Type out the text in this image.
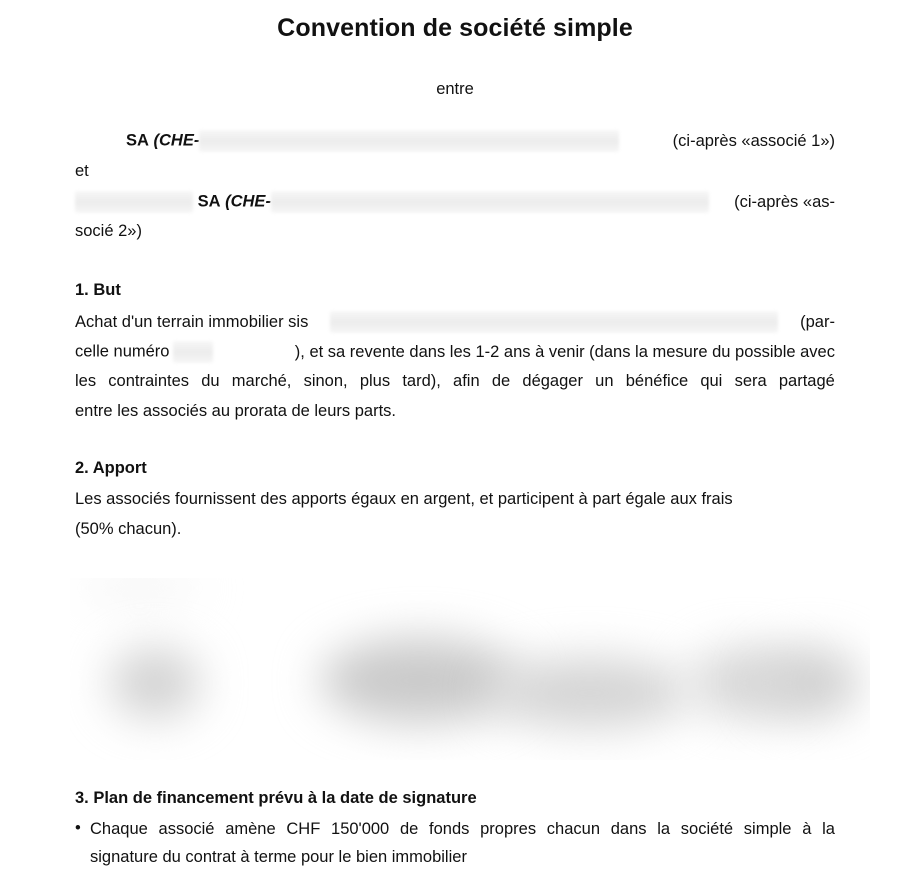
Convention de société simple
entre
SA (CHE-	(ci-après «associé 1»)
et
SA (CHE-	(ci-après «as-
socié 2»)
1. But
Achat d'un terrain immobilier sis	(par-
celle numéro	), et sa revente dans les 1-2 ans à venir (dans la mesure du possible avec
les contraintes du marché, sinon, plus tard), afin de dégager un bénéfice qui sera partagé
entre les associés au prorata de leurs parts.
2. Apport
Les associés fournissent des apports égaux en argent, et participent à part égale aux frais
(50% chacun).
3. Plan de financement prévu à la date de signature
• Chaque associé amène CHF 150'000 de fonds propres chacun dans la société simple à la
signature du contrat à terme pour le bien immobilier
